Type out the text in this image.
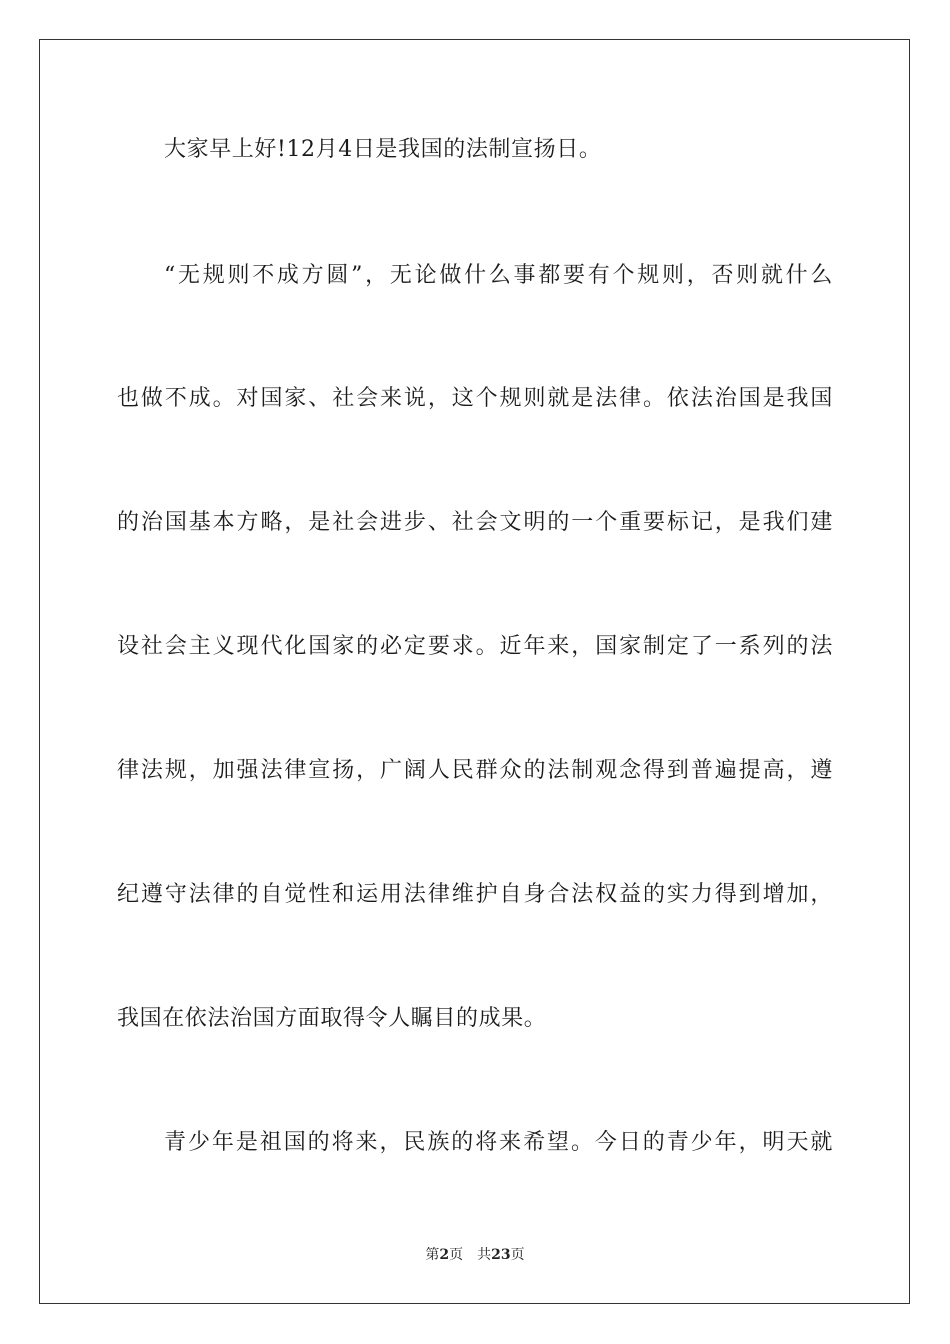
大家早上好!12月4日是我国的法制宣扬日。
“无规则不成方圆”，无论做什么事都要有个规则，否则就什么
也做不成。对国家、社会来说，这个规则就是法律。依法治国是我国
的治国基本方略，是社会进步、社会文明的一个重要标记，是我们建
设社会主义现代化国家的必定要求。近年来，国家制定了一系列的法
律法规，加强法律宣扬，广阔人民群众的法制观念得到普遍提高，遵
纪遵守法律的自觉性和运用法律维护自身合法权益的实力得到增加，
我国在依法治国方面取得令人瞩目的成果。
青少年是祖国的将来，民族的将来希望。今日的青少年，明天就
第2页 共23页
